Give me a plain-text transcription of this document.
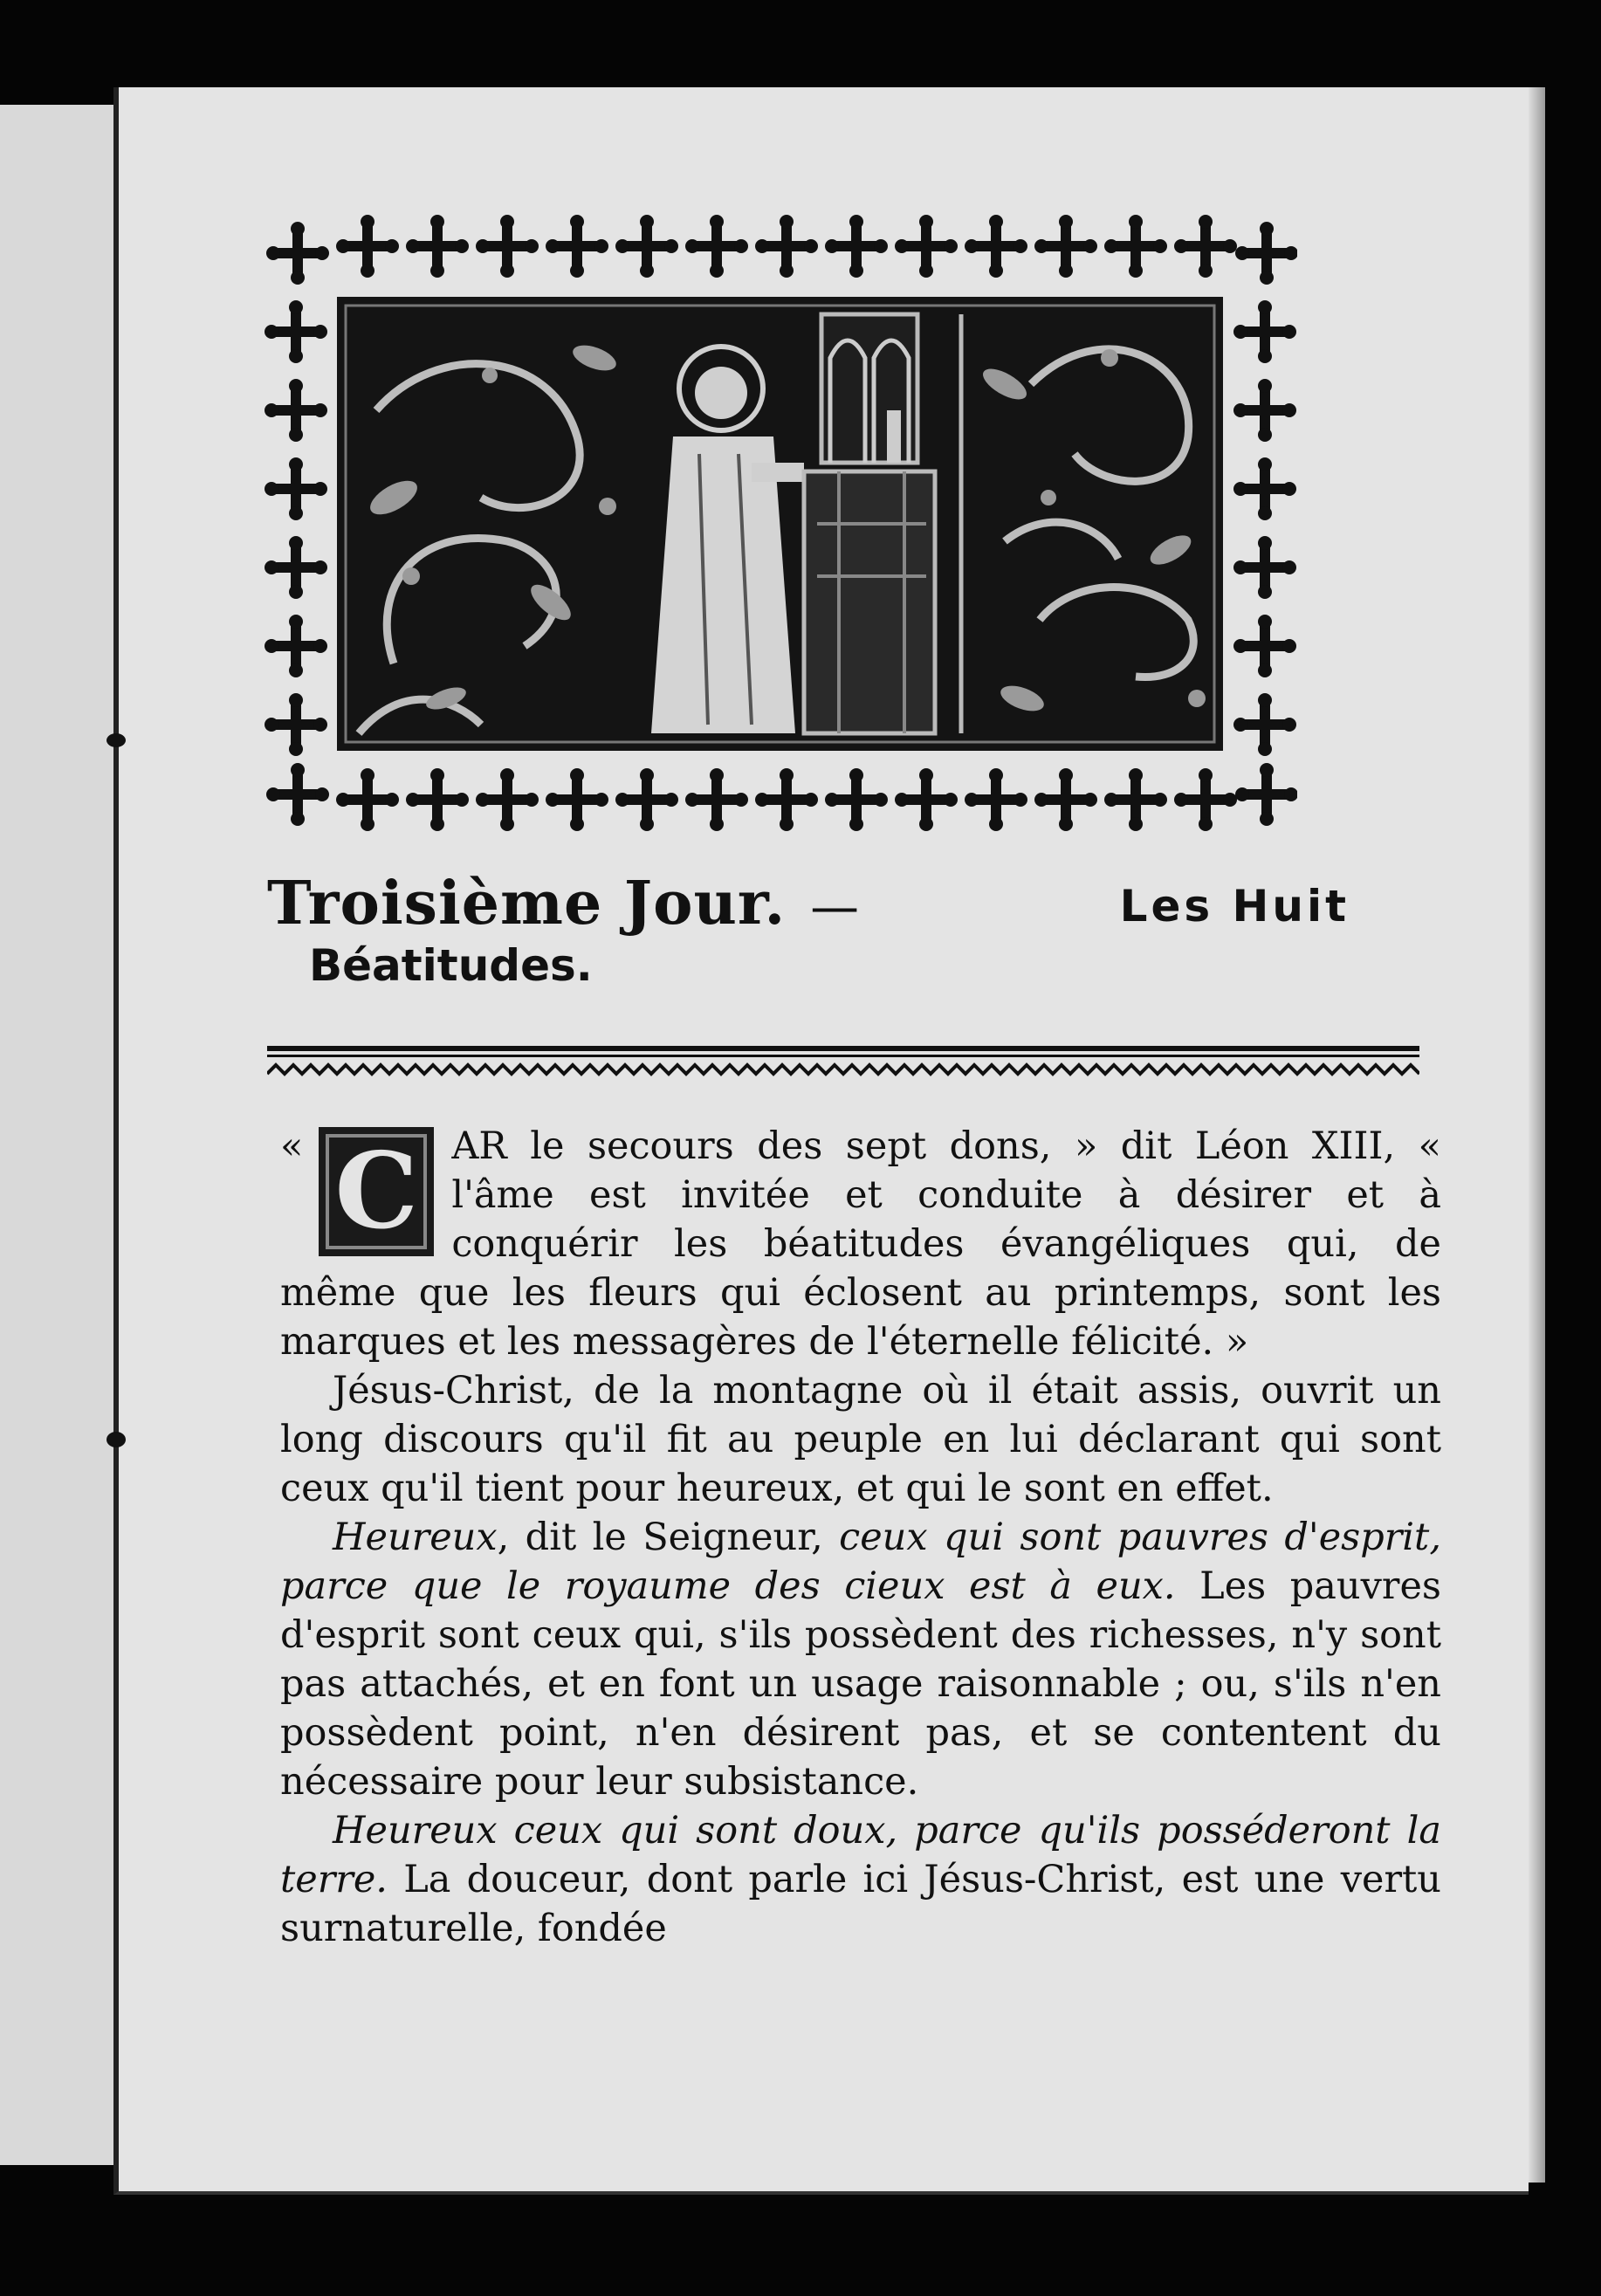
Troisième Jour. —	Les Huit
Béatitudes.

« C AR le secours des sept dons, » dit Léon XIII, « l'âme est invitée et conduite à désirer et à conquérir les béatitudes évangéliques qui, de même que les fleurs qui éclosent au printemps, sont les marques et les messagères de l'éternelle félicité. »

Jésus-Christ, de la montagne où il était assis, ouvrit un long discours qu'il fit au peuple en lui déclarant qui sont ceux qu'il tient pour heureux, et qui le sont en effet.

Heureux, dit le Seigneur, ceux qui sont pauvres d'esprit, parce que le royaume des cieux est à eux. Les pauvres d'esprit sont ceux qui, s'ils possèdent des richesses, n'y sont pas attachés, et en font un usage raisonnable ; ou, s'ils n'en possèdent point, n'en désirent pas, et se contentent du nécessaire pour leur subsistance.

Heureux ceux qui sont doux, parce qu'ils posséderont la terre. La douceur, dont parle ici Jésus-Christ, est une vertu surnaturelle, fondée
